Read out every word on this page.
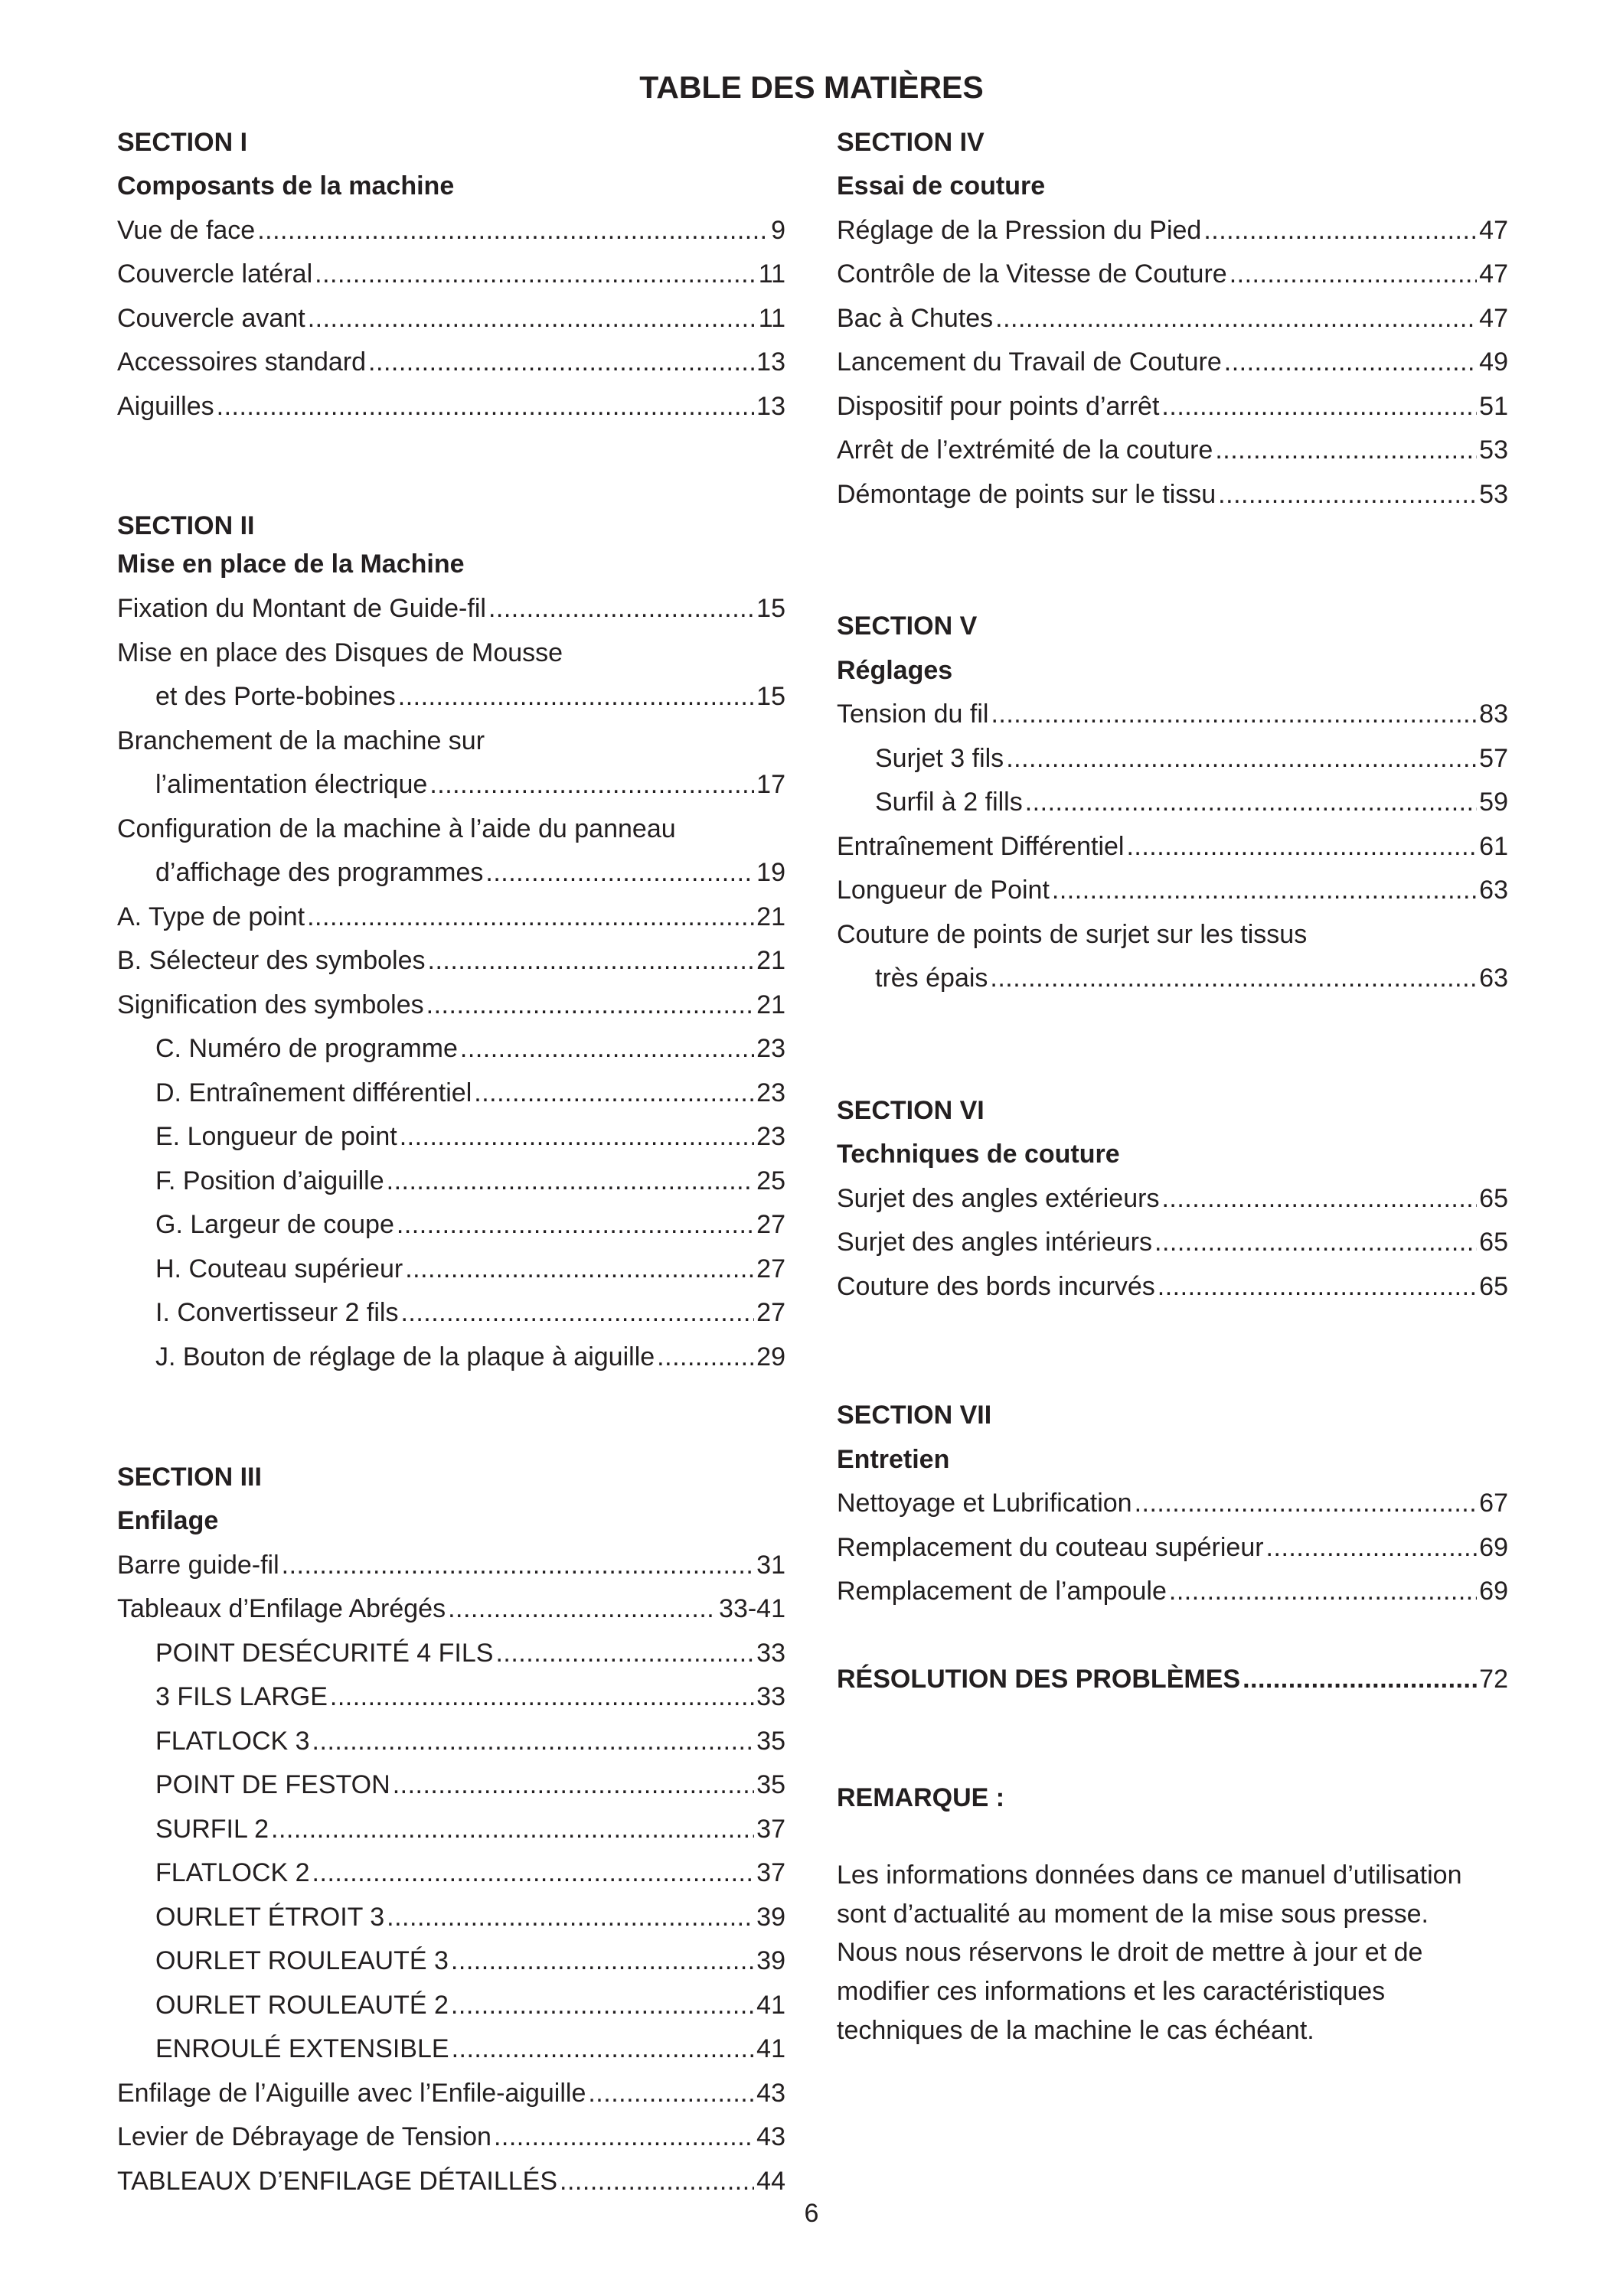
TABLE DES MATIÈRES
SECTION I
Composants de la machine
Vue de face .....	9
Couvercle latéral .....	11
Couvercle avant .....	11
Accessoires standard .....	13
Aiguilles .....	13
SECTION II
Mise en place de la Machine
Fixation du Montant de Guide-fil .....	15
Mise en place des Disques de Mousse
et des Porte-bobines .....	15
Branchement de la machine sur
l’alimentation électrique .....	17
Configuration de la machine à l’aide du panneau
d’affichage des programmes .....	19
A. Type de point .....	21
B. Sélecteur des symboles .....	21
Signification des symboles .....	21
C. Numéro de programme .....	23
D. Entraînement différentiel .....	23
E. Longueur de point .....	23
F. Position d’aiguille .....	25
G. Largeur de coupe .....	27
H. Couteau supérieur .....	27
I. Convertisseur 2 fils .....	27
J. Bouton de réglage de la plaque à aiguille .....	29
SECTION III
Enfilage
Barre guide-fil .....	31
Tableaux d’Enfilage Abrégés .....	33-41
POINT DESÉCURITÉ 4 FILS .....	33
3 FILS LARGE .....	33
FLATLOCK 3 .....	35
POINT DE FESTON .....	35
SURFIL 2 .....	37
FLATLOCK 2 .....	37
OURLET ÉTROIT 3 .....	39
OURLET ROULEAUTÉ 3 .....	39
OURLET ROULEAUTÉ 2 .....	41
ENROULÉ EXTENSIBLE .....	41
Enfilage de l’Aiguille avec l’Enfile-aiguille .....	43
Levier de Débrayage de Tension .....	43
TABLEAUX D’ENFILAGE DÉTAILLÉS .....	44
SECTION IV
Essai de couture
Réglage de la Pression du Pied .....	47
Contrôle de la Vitesse de Couture .....	47
Bac à Chutes .....	47
Lancement du Travail de Couture .....	49
Dispositif pour points d’arrêt .....	51
Arrêt de l’extrémité de la couture .....	53
Démontage de points sur le tissu .....	53
SECTION V
Réglages
Tension du fil .....	83
Surjet 3 fils .....	57
Surfil à 2 fills .....	59
Entraînement Différentiel .....	61
Longueur de Point .....	63
Couture de points de surjet sur les tissus
très épais .....	63
SECTION VI
Techniques de couture
Surjet des angles extérieurs .....	65
Surjet des angles intérieurs .....	65
Couture des bords incurvés .....	65
SECTION VII
Entretien
Nettoyage et Lubrification .....	67
Remplacement du couteau supérieur .....	69
Remplacement de l’ampoule .....	69
RÉSOLUTION DES PROBLÈMES .....	72
REMARQUE :
Les informations données dans ce manuel d’utilisation
sont d’actualité au moment de la mise sous presse.
Nous nous réservons le droit de mettre à jour et de
modifier ces informations et les caractéristiques
techniques de la machine le cas échéant.
6
